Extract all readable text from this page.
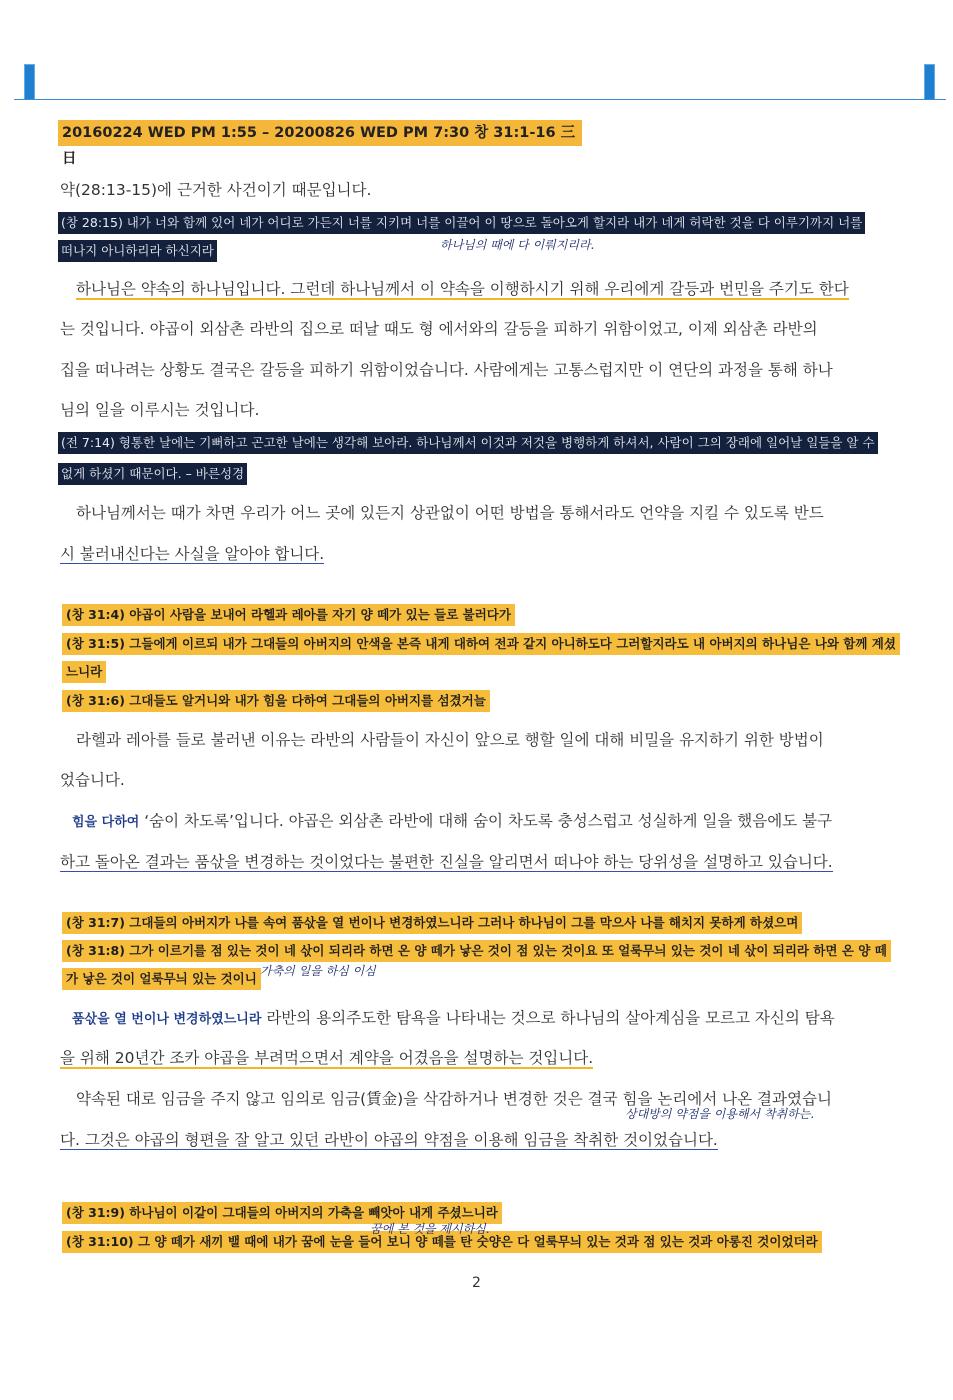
20160224 WED PM 1:55 – 20200826 WED PM 7:30 창 31:1-16 三日
약(28:13-15)에 근거한 사건이기 때문입니다.
(창 28:15) 내가 너와 함께 있어 네가 어디로 가든지 너를 지키며 너를 이끌어 이 땅으로 돌아오게 할지라 내가 네게 허락한 것을 다 이루기까지 너를
떠나지 아니하리라 하신지라	하나님의 때에 다 이뤄지리라.
하나님은 약속의 하나님입니다. 그런데 하나님께서 이 약속을 이행하시기 위해 우리에게 갈등과 번민을 주기도 한다
는 것입니다. 야곱이 외삼촌 라반의 집으로 떠날 때도 형 에서와의 갈등을 피하기 위함이었고, 이제 외삼촌 라반의
집을 떠나려는 상황도 결국은 갈등을 피하기 위함이었습니다. 사람에게는 고통스럽지만 이 연단의 과정을 통해 하나
님의 일을 이루시는 것입니다.
(전 7:14) 형통한 날에는 기뻐하고 곤고한 날에는 생각해 보아라. 하나님께서 이것과 저것을 병행하게 하셔서, 사람이 그의 장래에 일어날 일들을 알 수
없게 하셨기 때문이다. – 바른성경
하나님께서는 때가 차면 우리가 어느 곳에 있든지 상관없이 어떤 방법을 통해서라도 언약을 지킬 수 있도록 반드
시 불러내신다는 사실을 알아야 합니다.
(창 31:4) 야곱이 사람을 보내어 라헬과 레아를 자기 양 떼가 있는 들로 불러다가
(창 31:5) 그들에게 이르되 내가 그대들의 아버지의 안색을 본즉 내게 대하여 전과 같지 아니하도다 그러할지라도 내 아버지의 하나님은 나와 함께 계셨
느니라
(창 31:6) 그대들도 알거니와 내가 힘을 다하여 그대들의 아버지를 섬겼거늘
라헬과 레아를 들로 불러낸 이유는 라반의 사람들이 자신이 앞으로 행할 일에 대해 비밀을 유지하기 위한 방법이
었습니다.
힘을 다하여 ‘숨이 차도록’입니다. 야곱은 외삼촌 라반에 대해 숨이 차도록 충성스럽고 성실하게 일을 했음에도 불구
하고 돌아온 결과는 품삯을 변경하는 것이었다는 불편한 진실을 알리면서 떠나야 하는 당위성을 설명하고 있습니다.
(창 31:7) 그대들의 아버지가 나를 속여 품삯을 열 번이나 변경하였느니라 그러나 하나님이 그를 막으사 나를 해치지 못하게 하셨으며
(창 31:8) 그가 이르기를 점 있는 것이 네 삯이 되리라 하면 온 양 떼가 낳은 것이 점 있는 것이요 또 얼룩무늬 있는 것이 네 삯이 되리라 하면 온 양 떼
가 낳은 것이 얼룩무늬 있는 것이니 가축의 일을 하심 이심
품삯을 열 번이나 변경하였느니라 라반의 용의주도한 탐욕을 나타내는 것으로 하나님의 살아계심을 모르고 자신의 탐욕
을 위해 20년간 조카 야곱을 부려먹으면서 계약을 어겼음을 설명하는 것입니다.
약속된 대로 임금을 주지 않고 임의로 임금(賃金)을 삭감하거나 변경한 것은 결국 힘을 논리에서 나온 결과였습니
다. 그것은 야곱의 형편을 잘 알고 있던 라반이 야곱의 약점을 이용해 임금을 착취한 것이었습니다.
상대방의 약점을 이용해서 착취하는.
(창 31:9) 하나님이 이같이 그대들의 아버지의 가축을 빼앗아 내게 주셨느니라
(창 31:10) 그 양 떼가 새끼 밸 때에 내가 꿈에 눈을 들어 보니 양 떼를 탄 숫양은 다 얼룩무늬 있는 것과 점 있는 것과 아롱진 것이었더라
꿈에 본 것을 제시하심.
2
